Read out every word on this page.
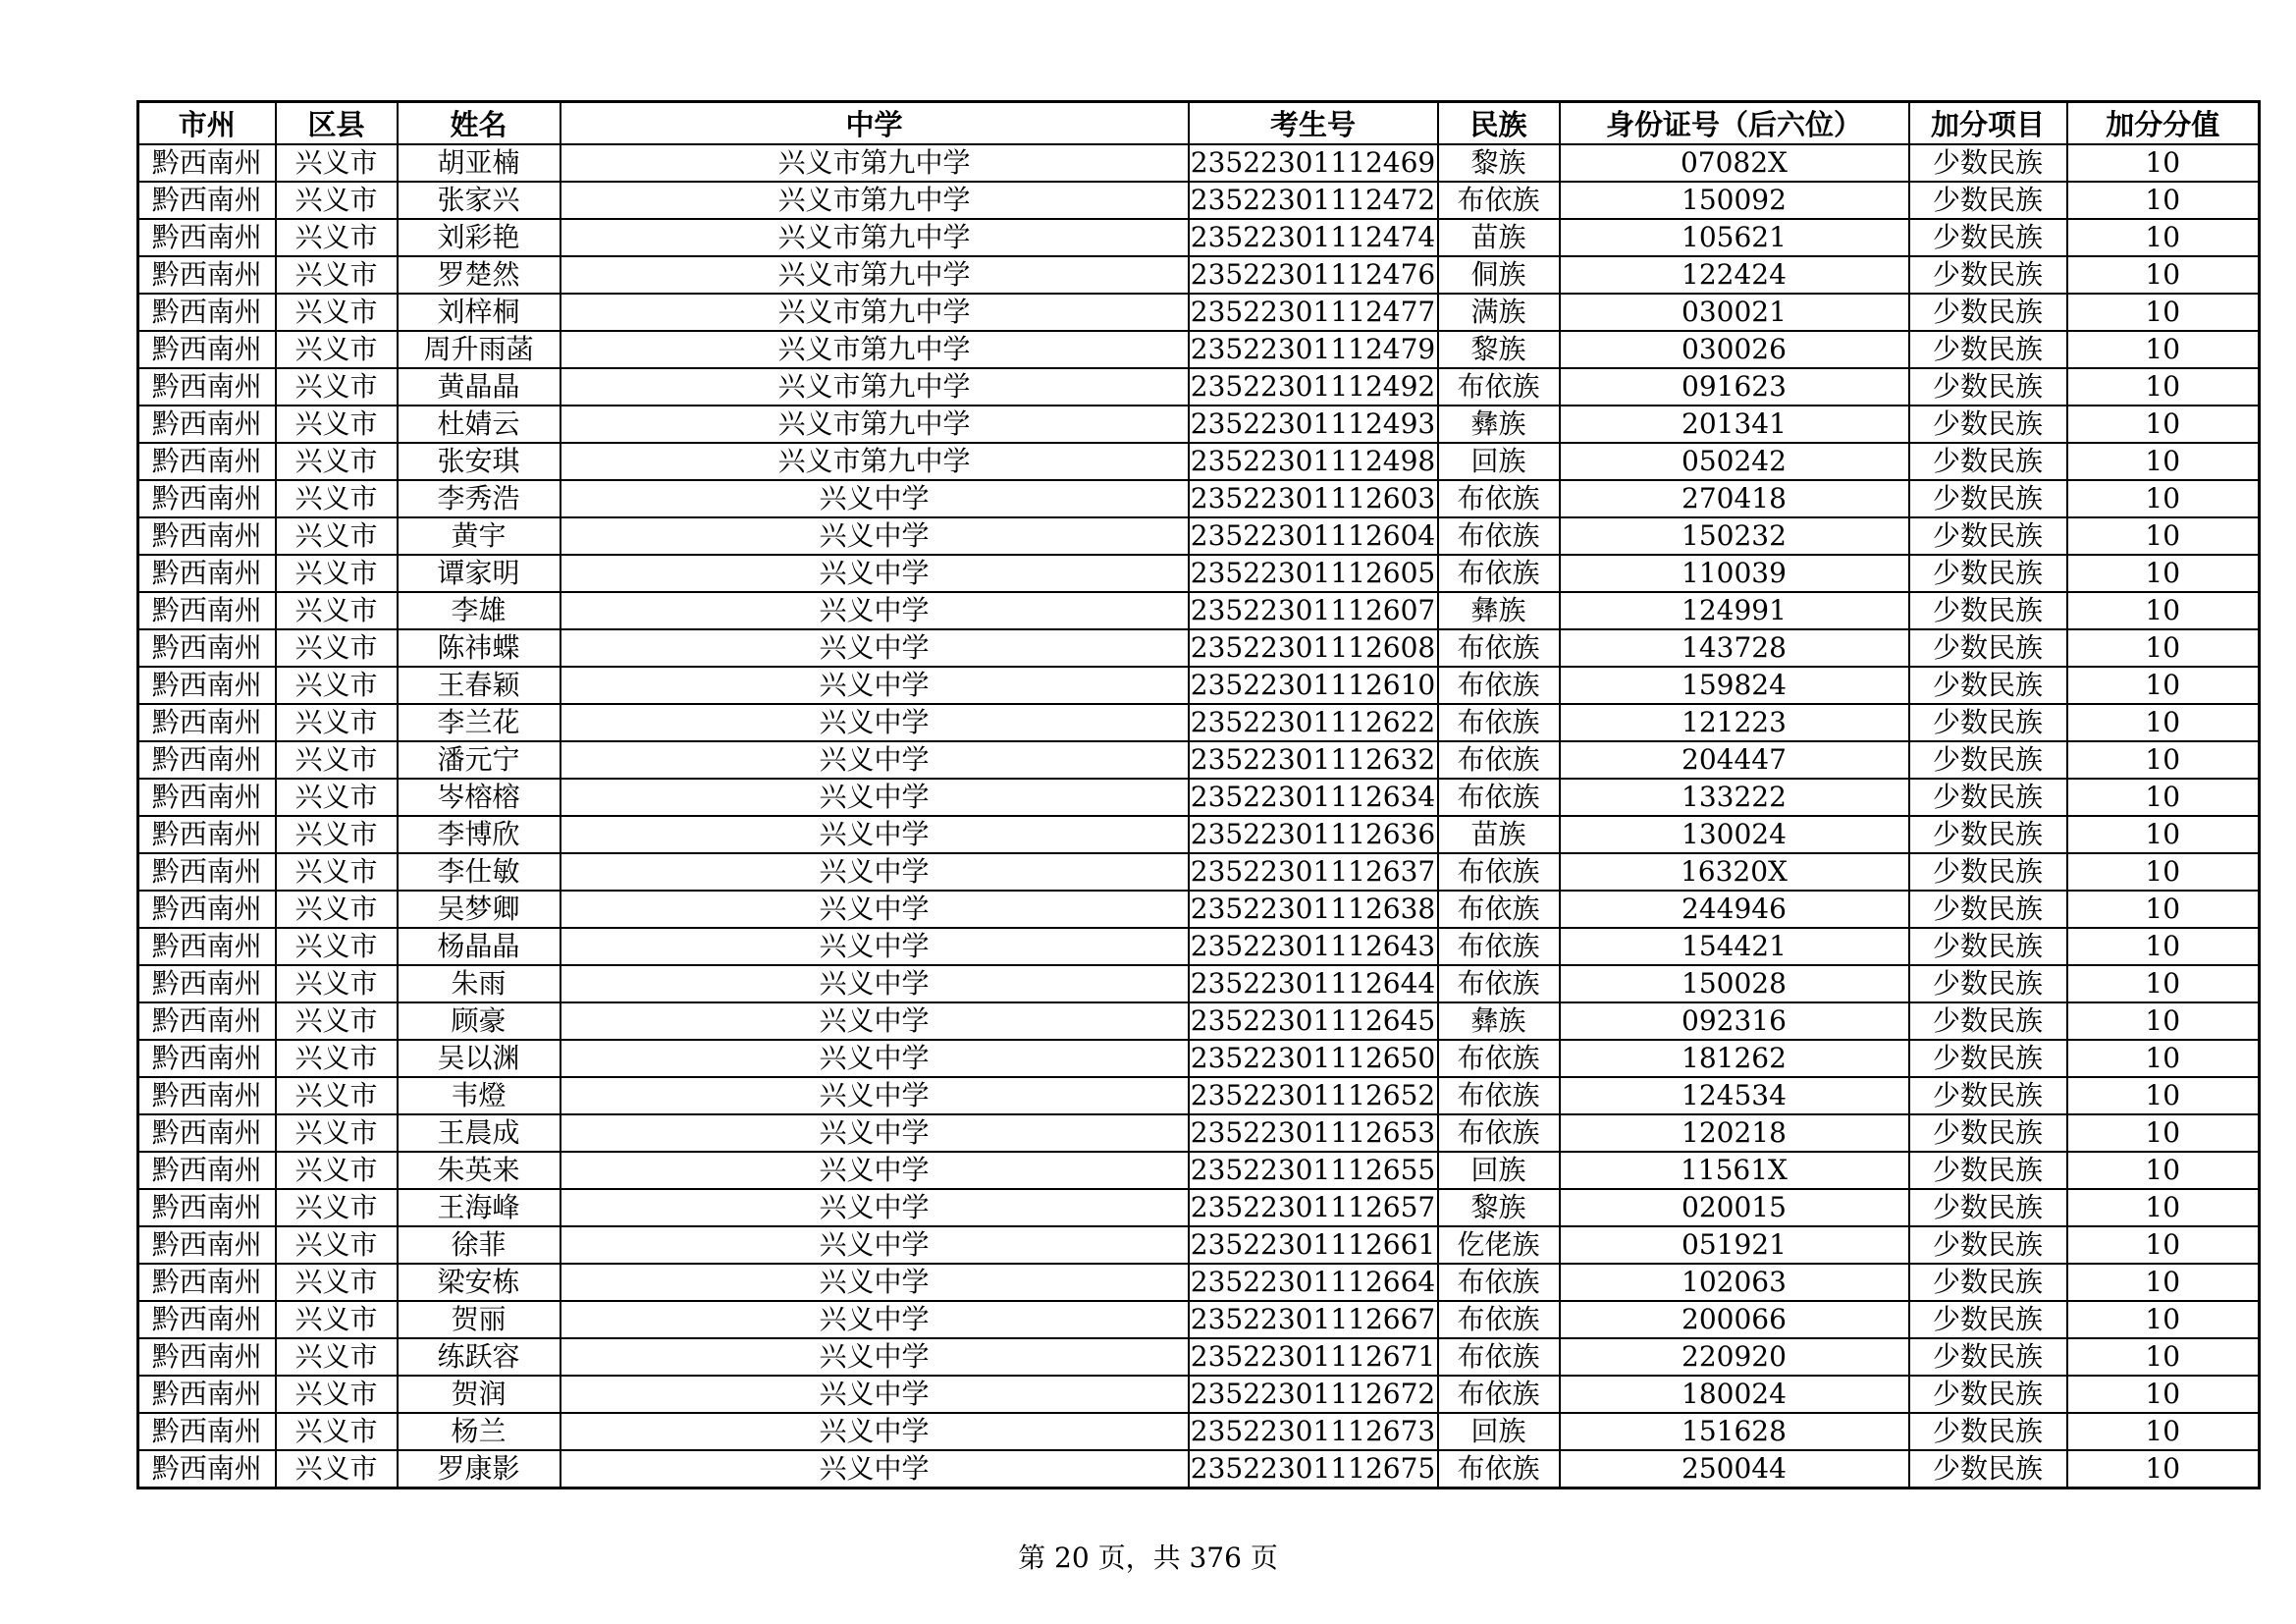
市州	区县	姓名	中学	考生号	民族	身份证号（后六位）	加分项目	加分分值
黔西南州	兴义市	胡亚楠	兴义市第九中学	23522301112469	黎族	07082X	少数民族	10
黔西南州	兴义市	张家兴	兴义市第九中学	23522301112472	布依族	150092	少数民族	10
黔西南州	兴义市	刘彩艳	兴义市第九中学	23522301112474	苗族	105621	少数民族	10
黔西南州	兴义市	罗楚然	兴义市第九中学	23522301112476	侗族	122424	少数民族	10
黔西南州	兴义市	刘梓桐	兴义市第九中学	23522301112477	满族	030021	少数民族	10
黔西南州	兴义市	周升雨菡	兴义市第九中学	23522301112479	黎族	030026	少数民族	10
黔西南州	兴义市	黄晶晶	兴义市第九中学	23522301112492	布依族	091623	少数民族	10
黔西南州	兴义市	杜婧云	兴义市第九中学	23522301112493	彝族	201341	少数民族	10
黔西南州	兴义市	张安琪	兴义市第九中学	23522301112498	回族	050242	少数民族	10
黔西南州	兴义市	李秀浩	兴义中学	23522301112603	布依族	270418	少数民族	10
黔西南州	兴义市	黄宇	兴义中学	23522301112604	布依族	150232	少数民族	10
黔西南州	兴义市	谭家明	兴义中学	23522301112605	布依族	110039	少数民族	10
黔西南州	兴义市	李雄	兴义中学	23522301112607	彝族	124991	少数民族	10
黔西南州	兴义市	陈祎蝶	兴义中学	23522301112608	布依族	143728	少数民族	10
黔西南州	兴义市	王春颖	兴义中学	23522301112610	布依族	159824	少数民族	10
黔西南州	兴义市	李兰花	兴义中学	23522301112622	布依族	121223	少数民族	10
黔西南州	兴义市	潘元宁	兴义中学	23522301112632	布依族	204447	少数民族	10
黔西南州	兴义市	岑榕榕	兴义中学	23522301112634	布依族	133222	少数民族	10
黔西南州	兴义市	李博欣	兴义中学	23522301112636	苗族	130024	少数民族	10
黔西南州	兴义市	李仕敏	兴义中学	23522301112637	布依族	16320X	少数民族	10
黔西南州	兴义市	吴梦卿	兴义中学	23522301112638	布依族	244946	少数民族	10
黔西南州	兴义市	杨晶晶	兴义中学	23522301112643	布依族	154421	少数民族	10
黔西南州	兴义市	朱雨	兴义中学	23522301112644	布依族	150028	少数民族	10
黔西南州	兴义市	顾豪	兴义中学	23522301112645	彝族	092316	少数民族	10
黔西南州	兴义市	吴以渊	兴义中学	23522301112650	布依族	181262	少数民族	10
黔西南州	兴义市	韦燈	兴义中学	23522301112652	布依族	124534	少数民族	10
黔西南州	兴义市	王晨成	兴义中学	23522301112653	布依族	120218	少数民族	10
黔西南州	兴义市	朱英来	兴义中学	23522301112655	回族	11561X	少数民族	10
黔西南州	兴义市	王海峰	兴义中学	23522301112657	黎族	020015	少数民族	10
黔西南州	兴义市	徐菲	兴义中学	23522301112661	仡佬族	051921	少数民族	10
黔西南州	兴义市	梁安栋	兴义中学	23522301112664	布依族	102063	少数民族	10
黔西南州	兴义市	贺丽	兴义中学	23522301112667	布依族	200066	少数民族	10
黔西南州	兴义市	练跃容	兴义中学	23522301112671	布依族	220920	少数民族	10
黔西南州	兴义市	贺润	兴义中学	23522301112672	布依族	180024	少数民族	10
黔西南州	兴义市	杨兰	兴义中学	23522301112673	回族	151628	少数民族	10
黔西南州	兴义市	罗康影	兴义中学	23522301112675	布依族	250044	少数民族	10
第 20 页，共 376 页
